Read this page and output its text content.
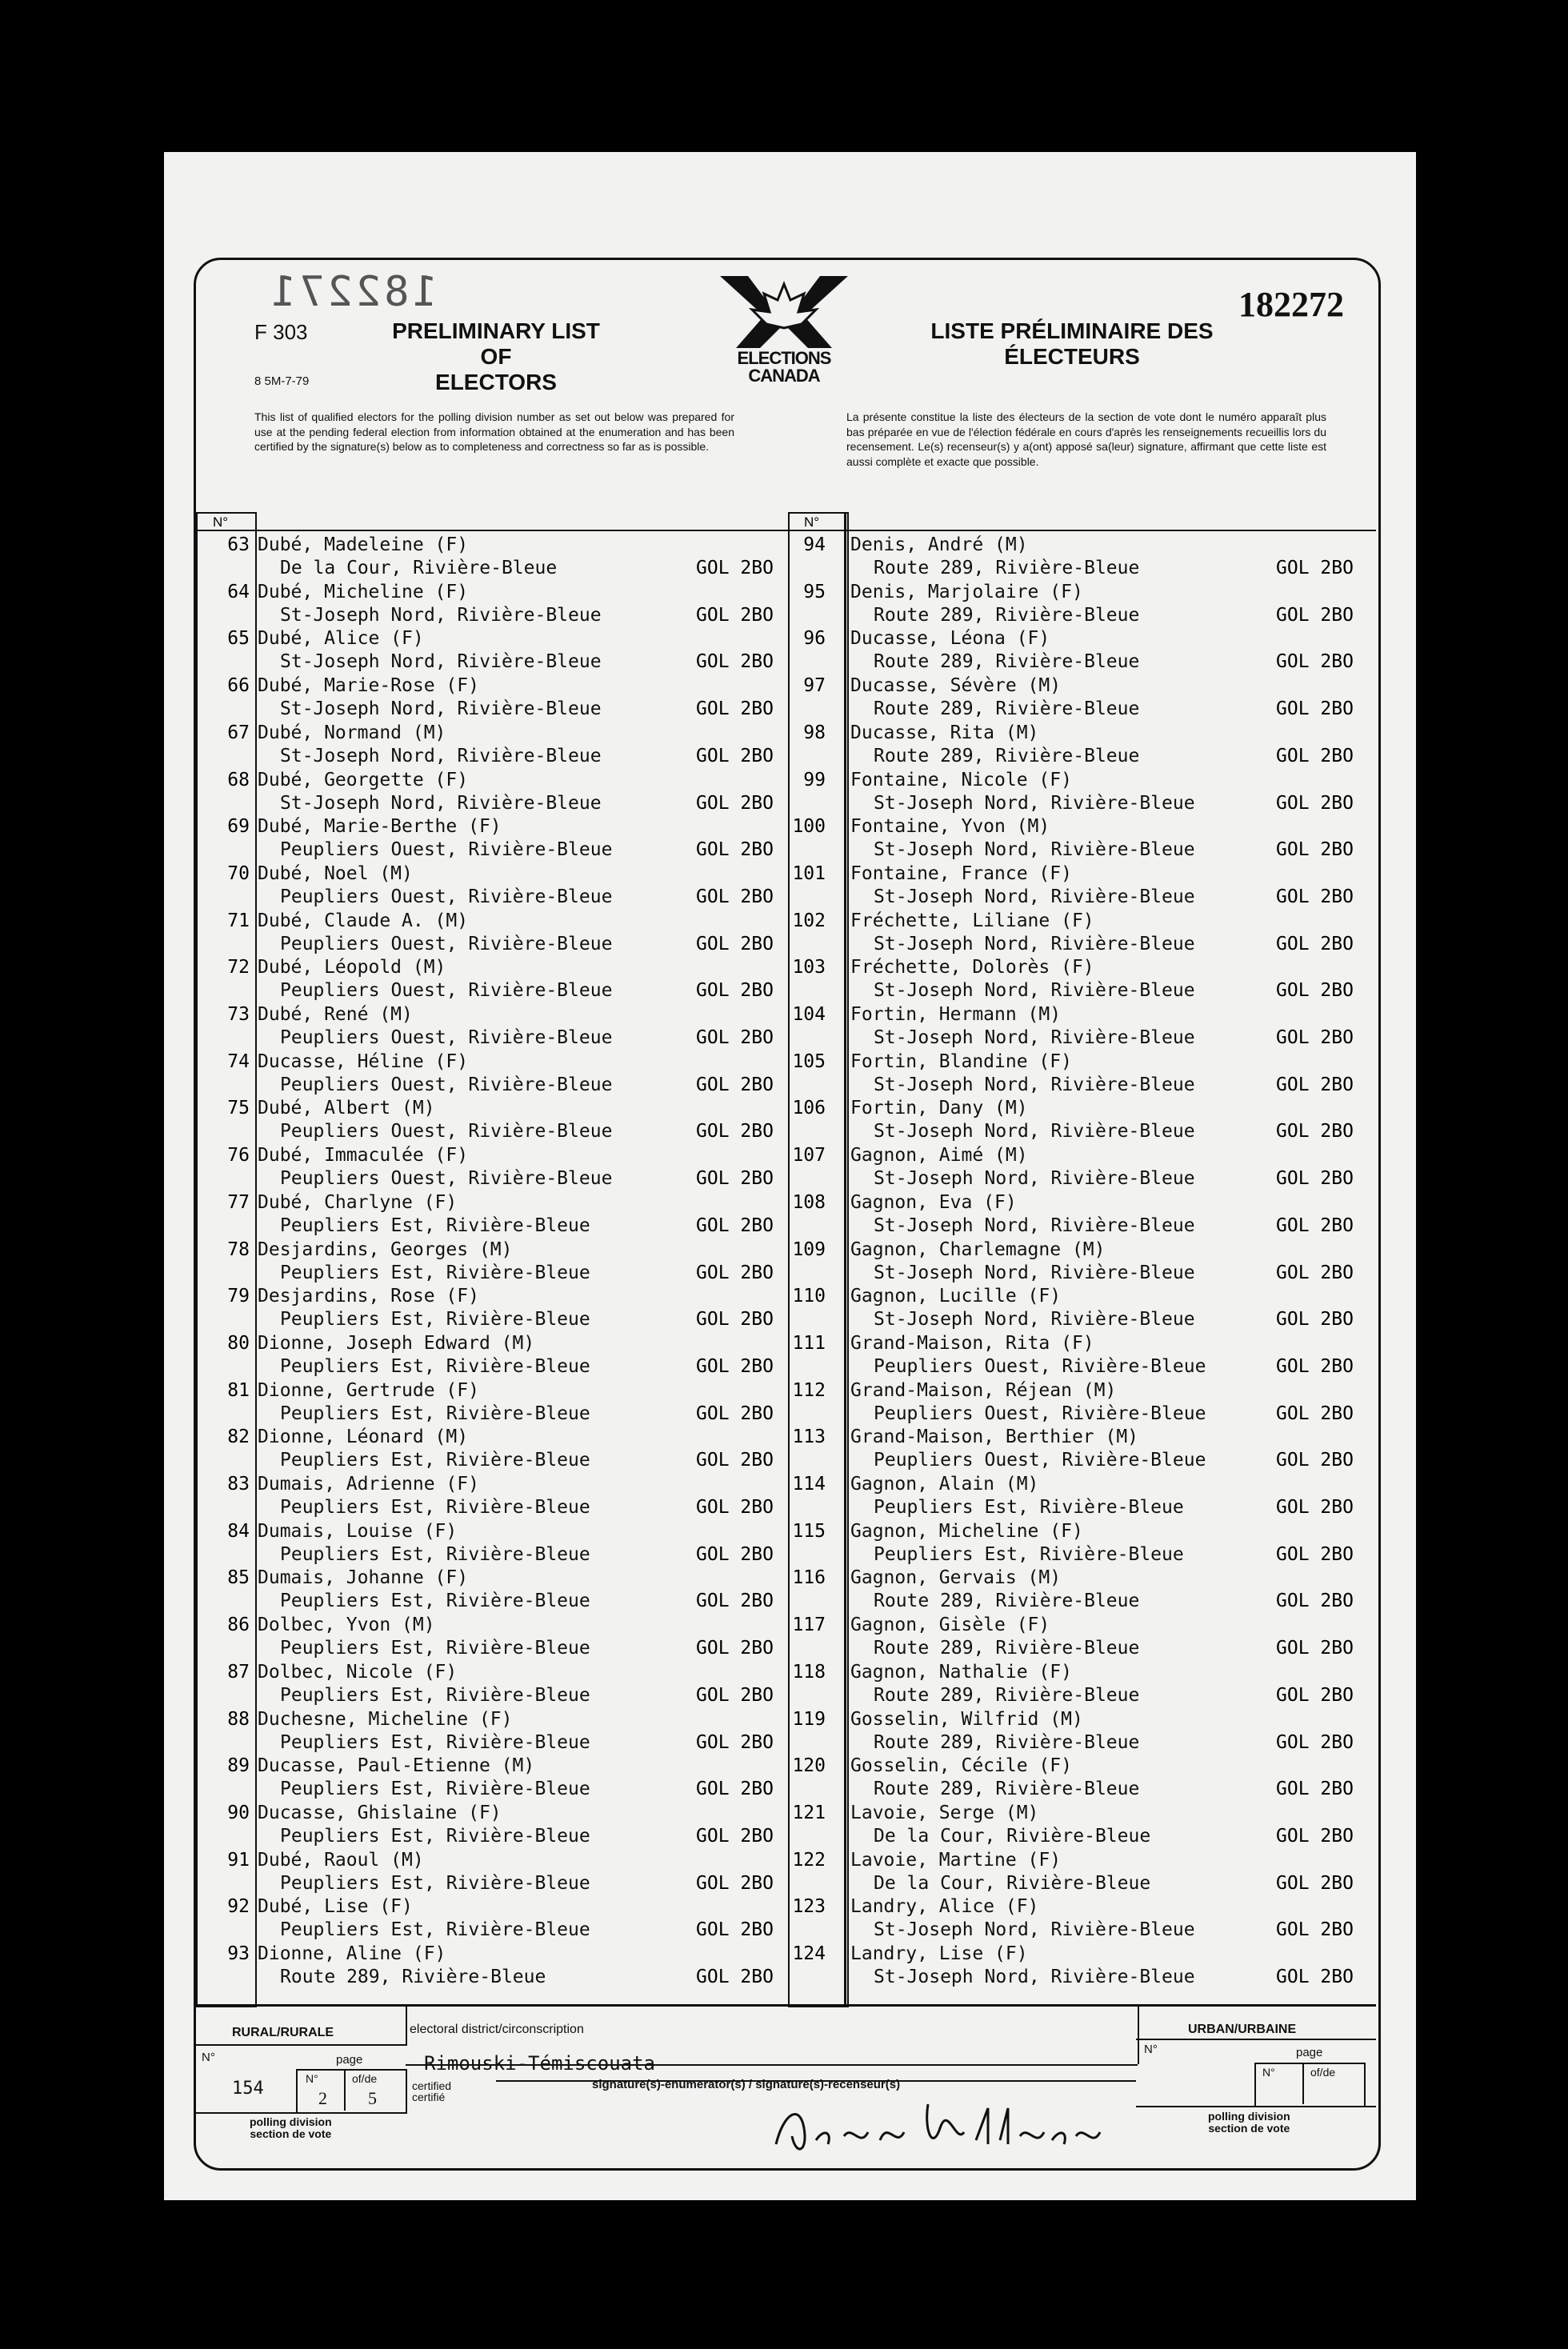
182271
F 303
8 5M-7-79
PRELIMINARY LIST OF
ELECTORS
ELECTIONS
CANADA
LISTE PRÉLIMINAIRE DES
ÉLECTEURS
182272
This list of qualified electors for the polling division number as set out below was prepared for use at the pending federal election from information obtained at the enumeration and has been certified by the signature(s) below as to completeness and correctness so far as is possible.
La présente constitue la liste des électeurs de la section de vote dont le numéro apparaît plus bas préparée en vue de l'élection fédérale en cours d'après les renseignements recueillis lors du recensement. Le(s) recenseur(s) y a(ont) apposé sa(leur) signature, affirmant que cette liste est aussi complète et exacte que possible.
N°	N°
63 Dubé, Madeleine (F)
De la Cour, Rivière-Bleue	GOL 2BO
64 Dubé, Micheline (F)
St-Joseph Nord, Rivière-Bleue	GOL 2BO
65 Dubé, Alice (F)
St-Joseph Nord, Rivière-Bleue	GOL 2BO
66 Dubé, Marie-Rose (F)
St-Joseph Nord, Rivière-Bleue	GOL 2BO
67 Dubé, Normand (M)
St-Joseph Nord, Rivière-Bleue	GOL 2BO
68 Dubé, Georgette (F)
St-Joseph Nord, Rivière-Bleue	GOL 2BO
69 Dubé, Marie-Berthe (F)
Peupliers Ouest, Rivière-Bleue	GOL 2BO
70 Dubé, Noel (M)
Peupliers Ouest, Rivière-Bleue	GOL 2BO
71 Dubé, Claude A. (M)
Peupliers Ouest, Rivière-Bleue	GOL 2BO
72 Dubé, Léopold (M)
Peupliers Ouest, Rivière-Bleue	GOL 2BO
73 Dubé, René (M)
Peupliers Ouest, Rivière-Bleue	GOL 2BO
74 Ducasse, Héline (F)
Peupliers Ouest, Rivière-Bleue	GOL 2BO
75 Dubé, Albert (M)
Peupliers Ouest, Rivière-Bleue	GOL 2BO
76 Dubé, Immaculée (F)
Peupliers Ouest, Rivière-Bleue	GOL 2BO
77 Dubé, Charlyne (F)
Peupliers Est, Rivière-Bleue	GOL 2BO
78 Desjardins, Georges (M)
Peupliers Est, Rivière-Bleue	GOL 2BO
79 Desjardins, Rose (F)
Peupliers Est, Rivière-Bleue	GOL 2BO
80 Dionne, Joseph Edward (M)
Peupliers Est, Rivière-Bleue	GOL 2BO
81 Dionne, Gertrude (F)
Peupliers Est, Rivière-Bleue	GOL 2BO
82 Dionne, Léonard (M)
Peupliers Est, Rivière-Bleue	GOL 2BO
83 Dumais, Adrienne (F)
Peupliers Est, Rivière-Bleue	GOL 2BO
84 Dumais, Louise (F)
Peupliers Est, Rivière-Bleue	GOL 2BO
85 Dumais, Johanne (F)
Peupliers Est, Rivière-Bleue	GOL 2BO
86 Dolbec, Yvon (M)
Peupliers Est, Rivière-Bleue	GOL 2BO
87 Dolbec, Nicole (F)
Peupliers Est, Rivière-Bleue	GOL 2BO
88 Duchesne, Micheline (F)
Peupliers Est, Rivière-Bleue	GOL 2BO
89 Ducasse, Paul-Etienne (M)
Peupliers Est, Rivière-Bleue	GOL 2BO
90 Ducasse, Ghislaine (F)
Peupliers Est, Rivière-Bleue	GOL 2BO
91 Dubé, Raoul (M)
Peupliers Est, Rivière-Bleue	GOL 2BO
92 Dubé, Lise (F)
Peupliers Est, Rivière-Bleue	GOL 2BO
93 Dionne, Aline (F)
Route 289, Rivière-Bleue	GOL 2BO
94 Denis, André (M)
Route 289, Rivière-Bleue	GOL 2BO
95 Denis, Marjolaire (F)
Route 289, Rivière-Bleue	GOL 2BO
96 Ducasse, Léona (F)
Route 289, Rivière-Bleue	GOL 2BO
97 Ducasse, Sévère (M)
Route 289, Rivière-Bleue	GOL 2BO
98 Ducasse, Rita (M)
Route 289, Rivière-Bleue	GOL 2BO
99 Fontaine, Nicole (F)
St-Joseph Nord, Rivière-Bleue	GOL 2BO
100 Fontaine, Yvon (M)
St-Joseph Nord, Rivière-Bleue	GOL 2BO
101 Fontaine, France (F)
St-Joseph Nord, Rivière-Bleue	GOL 2BO
102 Fréchette, Liliane (F)
St-Joseph Nord, Rivière-Bleue	GOL 2BO
103 Fréchette, Dolorès (F)
St-Joseph Nord, Rivière-Bleue	GOL 2BO
104 Fortin, Hermann (M)
St-Joseph Nord, Rivière-Bleue	GOL 2BO
105 Fortin, Blandine (F)
St-Joseph Nord, Rivière-Bleue	GOL 2BO
106 Fortin, Dany (M)
St-Joseph Nord, Rivière-Bleue	GOL 2BO
107 Gagnon, Aimé (M)
St-Joseph Nord, Rivière-Bleue	GOL 2BO
108 Gagnon, Eva (F)
St-Joseph Nord, Rivière-Bleue	GOL 2BO
109 Gagnon, Charlemagne (M)
St-Joseph Nord, Rivière-Bleue	GOL 2BO
110 Gagnon, Lucille (F)
St-Joseph Nord, Rivière-Bleue	GOL 2BO
111 Grand-Maison, Rita (F)
Peupliers Ouest, Rivière-Bleue	GOL 2BO
112 Grand-Maison, Réjean (M)
Peupliers Ouest, Rivière-Bleue	GOL 2BO
113 Grand-Maison, Berthier (M)
Peupliers Ouest, Rivière-Bleue	GOL 2BO
114 Gagnon, Alain (M)
Peupliers Est, Rivière-Bleue	GOL 2BO
115 Gagnon, Micheline (F)
Peupliers Est, Rivière-Bleue	GOL 2BO
116 Gagnon, Gervais (M)
Route 289, Rivière-Bleue	GOL 2BO
117 Gagnon, Gisèle (F)
Route 289, Rivière-Bleue	GOL 2BO
118 Gagnon, Nathalie (F)
Route 289, Rivière-Bleue	GOL 2BO
119 Gosselin, Wilfrid (M)
Route 289, Rivière-Bleue	GOL 2BO
120 Gosselin, Cécile (F)
Route 289, Rivière-Bleue	GOL 2BO
121 Lavoie, Serge (M)
De la Cour, Rivière-Bleue	GOL 2BO
122 Lavoie, Martine (F)
De la Cour, Rivière-Bleue	GOL 2BO
123 Landry, Alice (F)
St-Joseph Nord, Rivière-Bleue	GOL 2BO
124 Landry, Lise (F)
St-Joseph Nord, Rivière-Bleue	GOL 2BO
RURAL/RURALE	electoral district/circonscription
Rimouski-Témiscouata
URBAN/URBAINE
N°	page
N°	of/de
2 5
154
polling division
section de vote
certified
certifié
signature(s)-enumerator(s) / signature(s)-recenseur(s)
N°	page
N°	of/de
polling division
section de vote
